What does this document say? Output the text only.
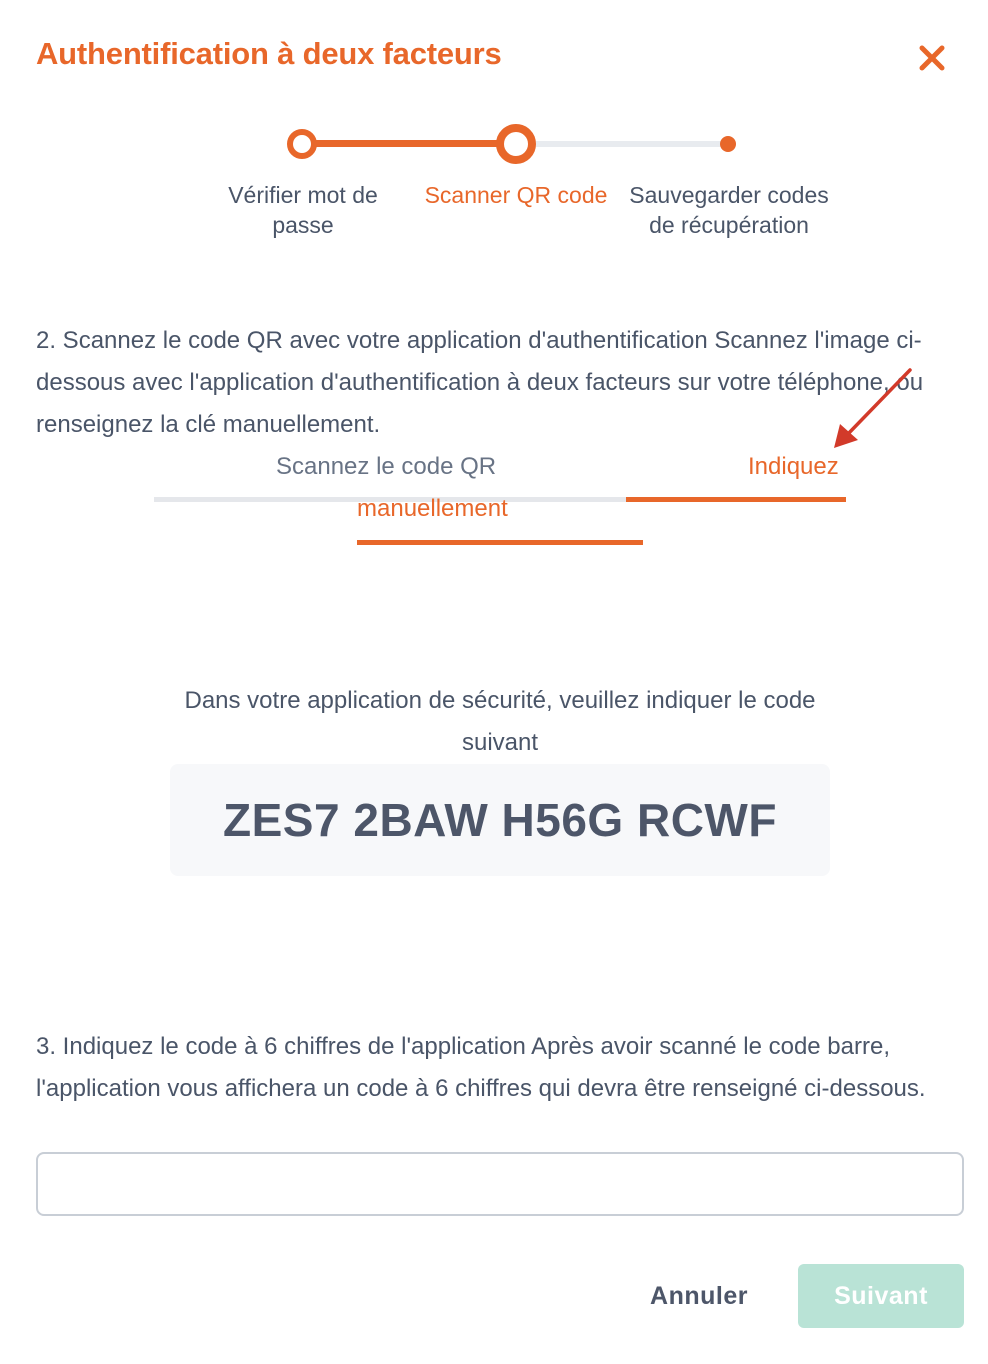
Authentification à deux facteurs
Vérifier mot de passe
Scanner QR code Sauvegarder codes de récupération
2. Scannez le code QR avec votre application d'authentification Scannez l'image ci-dessous avec l'application d'authentification à deux facteurs sur votre téléphone, ou renseignez la clé manuellement.
Scannez le code QR	Indiquez
manuellement
Dans votre application de sécurité, veuillez indiquer le code suivant
ZES7 2BAW H56G RCWF
3. Indiquez le code à 6 chiffres de l'application Après avoir scanné le code barre, l'application vous affichera un code à 6 chiffres qui devra être renseigné ci-dessous.
Annuler	Suivant
